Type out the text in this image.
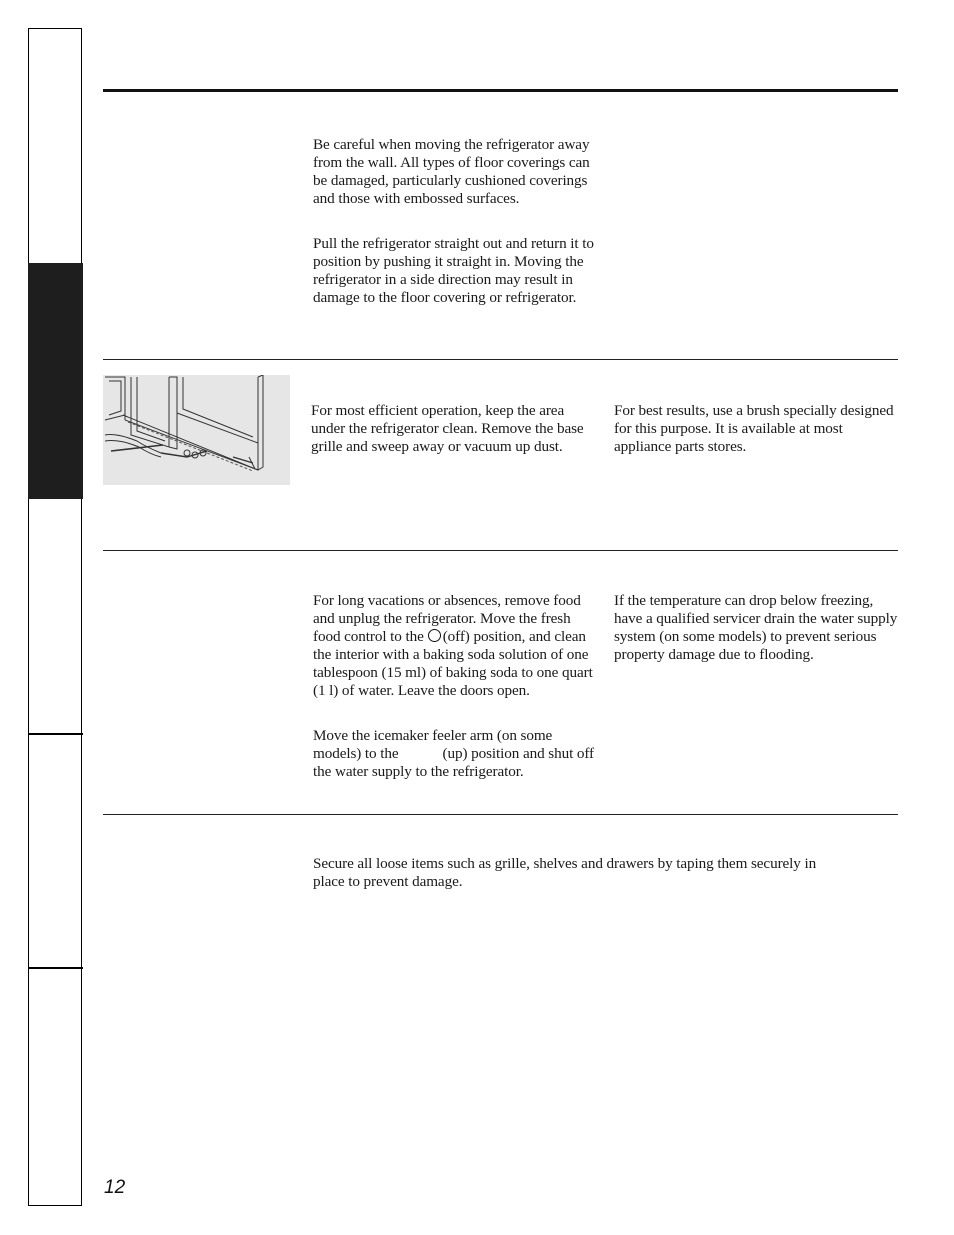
Be careful when moving the refrigerator away from the wall. All types of floor coverings can be damaged, particularly cushioned coverings and those with embossed surfaces.

Pull the refrigerator straight out and return it to position by pushing it straight in. Moving the refrigerator in a side direction may result in damage to the floor covering or refrigerator.

For most efficient operation, keep the area under the refrigerator clean. Remove the base grille and sweep away or vacuum up dust.

For best results, use a brush specially designed for this purpose. It is available at most appliance parts stores.

For long vacations or absences, remove food and unplug the refrigerator. Move the fresh food control to the (off) position, and clean the interior with a baking soda solution of one tablespoon (15 ml) of baking soda to one quart (1 l) of water. Leave the doors open.

Move the icemaker feeler arm (on some models) to the	(up) position and shut off the water supply to the refrigerator.

If the temperature can drop below freezing, have a qualified servicer drain the water supply system (on some models) to prevent serious property damage due to flooding.

Secure all loose items such as grille, shelves and drawers by taping them securely in place to prevent damage.

12
